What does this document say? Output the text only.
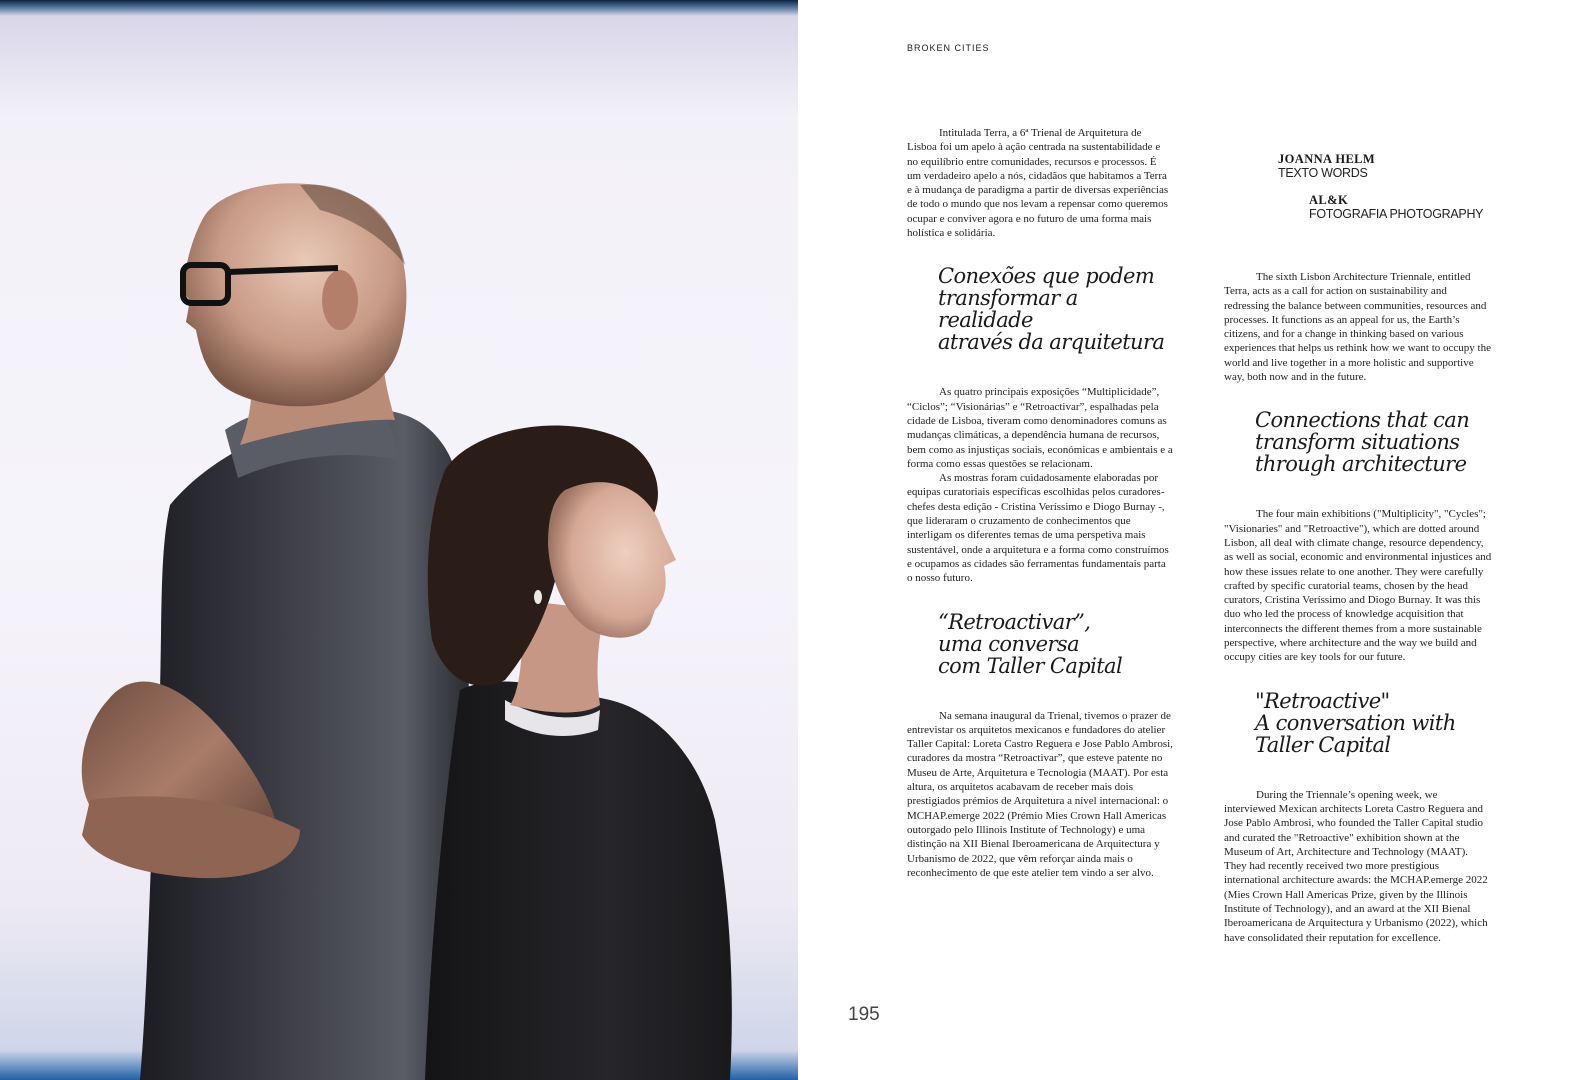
BROKEN CITIES

Intitulada Terra, a 6ª Trienal de Arquitetura de Lisboa foi um apelo à ação centrada na sustentabilidade e no equilíbrio entre comunidades, recursos e processos. É um verdadeiro apelo a nós, cidadãos que habitamos a Terra e à mudança de paradigma a partir de diversas experiências de todo o mundo que nos levam a repensar como queremos ocupar e conviver agora e no futuro de uma forma mais holística e solidária.

Conexões que podem
transformar a realidade
através da arquitetura

As quatro principais exposições “Multiplicidade”, “Ciclos”; “Visionárias” e “Retroactivar”, espalhadas pela cidade de Lisboa, tiveram como denominadores comuns as mudanças climáticas, a dependência humana de recursos, bem como as injustiças sociais, económicas e ambientais e a forma como essas questões se relacionam.

As mostras foram cuidadosamente elaboradas por equipas curatoriais específicas escolhidas pelos curadores-chefes desta edição - Cristina Veríssimo e Diogo Burnay -, que lideraram o cruzamento de conhecimentos que interligam os diferentes temas de uma perspetiva mais sustentável, onde a arquitetura e a forma como construímos e ocupamos as cidades são ferramentas fundamentais parta o nosso futuro.

“Retroactivar”,
uma conversa
com Taller Capital

Na semana inaugural da Trienal, tivemos o prazer de entrevistar os arquitetos mexicanos e fundadores do atelier Taller Capital: Loreta Castro Reguera e Jose Pablo Ambrosi, curadores da mostra “Retroactivar”, que esteve patente no Museu de Arte, Arquitetura e Tecnologia (MAAT). Por esta altura, os arquitetos acabavam de receber mais dois prestigiados prémios de Arquitetura a nível internacional: o MCHAP.emerge 2022 (Prémio Mies Crown Hall Americas outorgado pelo Illinois Institute of Technology) e uma distinção na XII Bienal Iberoamericana de Arquitectura y Urbanismo de 2022, que vêm reforçar ainda mais o reconhecimento de que este atelier tem vindo a ser alvo.

JOANNA HELM
TEXTO WORDS
AL&K
FOTOGRAFIA PHOTOGRAPHY

The sixth Lisbon Architecture Triennale, entitled Terra, acts as a call for action on sustainability and redressing the balance between communities, resources and processes. It functions as an appeal for us, the Earth’s citizens, and for a change in thinking based on various experiences that helps us rethink how we want to occupy the world and live together in a more holistic and supportive way, both now and in the future.

Connections that can
transform situations
through architecture

The four main exhibitions ("Multiplicity", "Cycles"; "Visionaries" and "Retroactive"), which are dotted around Lisbon, all deal with climate change, resource dependency, as well as social, economic and environmental injustices and how these issues relate to one another. They were carefully crafted by specific curatorial teams, chosen by the head curators, Cristina Veríssimo and Diogo Burnay. It was this duo who led the process of knowledge acquisition that interconnects the different themes from a more sustainable perspective, where architecture and the way we build and occupy cities are key tools for our future.

"Retroactive"
A conversation with
Taller Capital

During the Triennale’s opening week, we interviewed Mexican architects Loreta Castro Reguera and Jose Pablo Ambrosi, who founded the Taller Capital studio and curated the "Retroactive" exhibition shown at the Museum of Art, Architecture and Technology (MAAT). They had recently received two more prestigious international architecture awards: the MCHAP.emerge 2022 (Mies Crown Hall Americas Prize, given by the Illinois Institute of Technology), and an award at the XII Bienal Iberoamericana de Arquitectura y Urbanismo (2022), which have consolidated their reputation for excellence.

195
